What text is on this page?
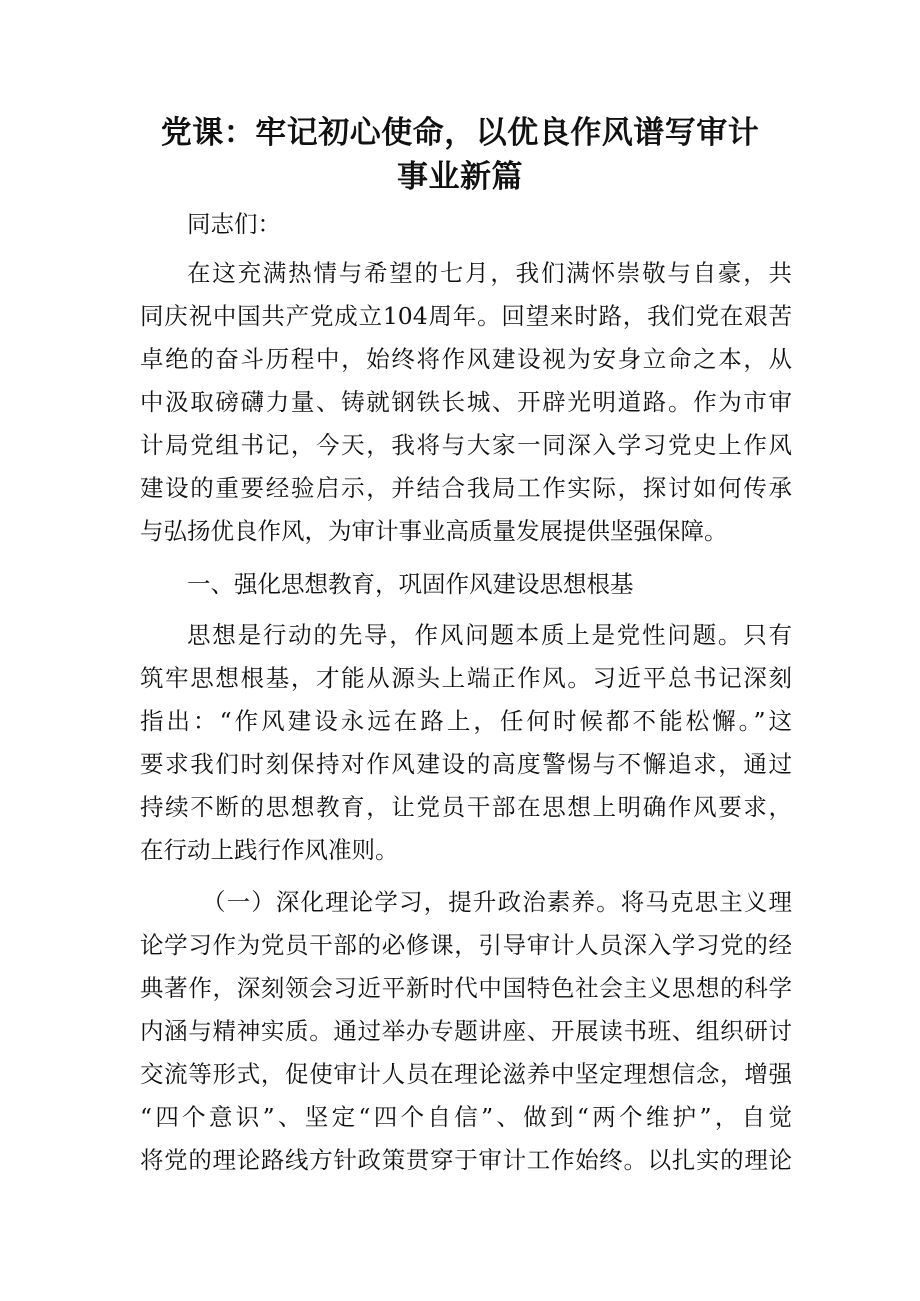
党课：牢记初心使命，以优良作风谱写审计
事业新篇
同志们：
在这充满热情与希望的七月，我们满怀崇敬与自豪，共
同庆祝中国共产党成立104周年。回望来时路，我们党在艰苦
卓绝的奋斗历程中，始终将作风建设视为安身立命之本，从
中汲取磅礴力量、铸就钢铁长城、开辟光明道路。作为市审
计局党组书记，今天，我将与大家一同深入学习党史上作风
建设的重要经验启示，并结合我局工作实际，探讨如何传承
与弘扬优良作风，为审计事业高质量发展提供坚强保障。
一、强化思想教育，巩固作风建设思想根基
思想是行动的先导，作风问题本质上是党性问题。只有
筑牢思想根基，才能从源头上端正作风。习近平总书记深刻
指出：“作风建设永远在路上，任何时候都不能松懈。”这
要求我们时刻保持对作风建设的高度警惕与不懈追求，通过
持续不断的思想教育，让党员干部在思想上明确作风要求，
在行动上践行作风准则。
（一）深化理论学习，提升政治素养。将马克思主义理
论学习作为党员干部的必修课，引导审计人员深入学习党的经
典著作，深刻领会习近平新时代中国特色社会主义思想的科学
内涵与精神实质。通过举办专题讲座、开展读书班、组织研讨
交流等形式，促使审计人员在理论滋养中坚定理想信念，增强
“四个意识”、坚定“四个自信”、做到“两个维护”，自觉
将党的理论路线方针政策贯穿于审计工作始终。以扎实的理论
